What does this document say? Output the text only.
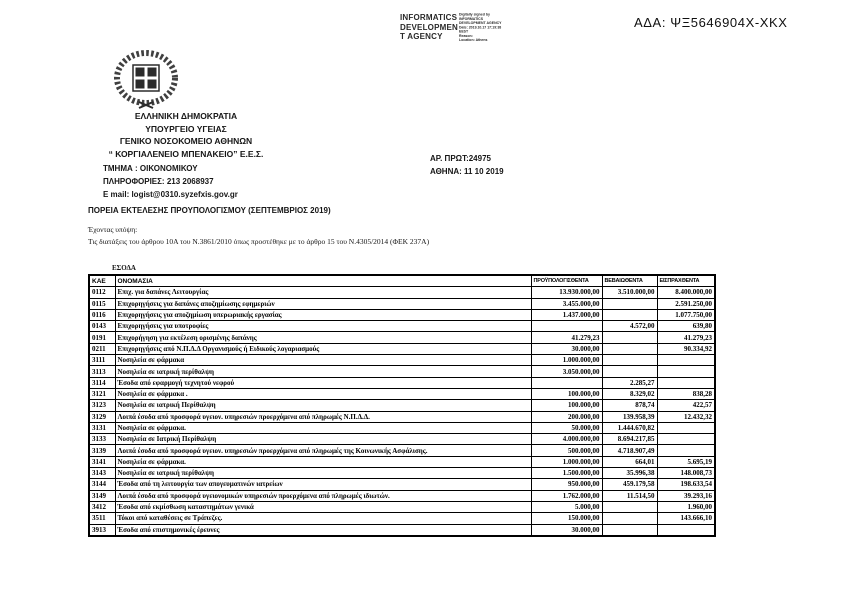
INFORMATICS
DEVELOPMEN
T AGENCY
Digitally signed by
INFORMATICS
DEVELOPMENT AGENCY
Date: 2019.10.17 17:19:38
EEST
Reason:
Location: Athens
ΑΔΑ: ΨΞ5646904Χ-ΧΚΧ
ΕΛΛΗΝΙΚΗ ΔΗΜΟΚΡΑΤΙΑ
ΥΠΟΥΡΓΕΙΟ ΥΓΕΙΑΣ
ΓΕΝΙΚΟ ΝΟΣΟΚΟΜΕΙΟ ΑΘΗΝΩΝ
“ ΚΟΡΓΙΑΛΕΝΕΙΟ ΜΠΕΝΑΚΕΙΟ” Ε.Ε.Σ.	ΑΡ. ΠΡΩΤ:24975
ΑΘΗΝΑ: 11 10 2019
ΤΜΗΜΑ : ΟΙΚΟΝΟΜΙΚΟΥ
ΠΛΗΡΟΦΟΡΙΕΣ: 213 2068937
E mail: logist@0310.syzefxis.gov.gr
ΠΟΡΕΙΑ ΕΚΤΕΛΕΣΗΣ ΠΡΟΥΠΟΛΟΓΙΣΜΟΥ (ΣΕΠΤΕΜΒΡΙΟΣ 2019)
Έχοντας υπόψη:
Τις διατάξεις του άρθρου 10Α του Ν.3861/2010 όπως προστέθηκε με το άρθρο 15 του Ν.4305/2014 (ΦΕΚ 237Α)
ΕΣΟΔΑ
ΚΑΕ	ΟΝΟΜΑΣΙΑ	ΠΡΟΫΠΟΛΟΓΙΣΘΕΝΤΑ	ΒΕΒΑΙΩΘΕΝΤΑ	ΕΙΣΠΡΑΧΘΕΝΤΑ
0112	Επιχ. για δαπάνες Λειτουργίας	13.930.000,00	3.510.000,00	8.400.000,00
0115	Επιχορηγήσεις για δαπάνες αποζημίωσης εφημεριών	3.455.000,00		2.591.250,00
0116	Επιχορηγήσεις για αποζημίωση υπερωριακής εργασίας	1.437.000,00		1.077.750,00
0143	Επιχορηγήσεις για υποτροφίες		4.572,00	639,80
0191	Επιχορήγηση για εκτέλεση ορισμένης δαπάνης	41.279,23		41.279,23
0211	Επιχορηγήσεις από Ν.Π.Δ.Δ Οργανισμούς ή Ειδικούς λογαριασμούς	30.000,00		90.334,92
3111	Νοσηλεία σε φάρμακα	1.000.000,00		
3113	Νοσηλεία σε ιατρική περίθαλψη	3.050.000,00		
3114	Έσοδα από εφαρμογή τεχνητού νεφρού		2.285,27	
3121	Νοσηλεία σε φάρμακα .	100.000,00	8.329,02	838,28
3123	Νοσηλεία σε ιατρική Περίθαλψη	100.000,00	878,74	422,57
3129	Λοιπά έσοδα από προσφορά υγειον. υπηρεσιών προερχόμενα από πληρωμές Ν.Π.Δ.Δ.	200.000,00	139.958,39	12.432,32
3131	Νοσηλεία σε φάρμακα.	50.000,00	1.444.670,82	
3133	Νοσηλεία σε Ιατρική Περίθαλψη	4.000.000,00	8.694.217,85	
3139	Λοιπά έσοδα από προσφορά υγειον. υπηρεσιών προερχόμενα από πληρωμές της Κοινωνικής Ασφάλισης.	500.000,00	4.718.907,49	
3141	Νοσηλεία σε φάρμακα.	1.000.000,00	664,01	5.695,19
3143	Νοσηλεία σε ιατρική περίθαλψη	1.500.000,00	35.996,38	148.008,73
3144	Έσοδα από τη λειτουργία των απογευματινών ιατρείων	950.000,00	459.179,58	198.633,54
3149	Λοιπά έσοδα από προσφορά υγειονομικών υπηρεσιών προερχόμενα από πληρωμές ιδιωτών.	1.762.000,00	11.514,50	39.293,16
3412	Έσοδα από εκμίσθωση καταστημάτων γενικά	5.000,00		1.960,00
3511	Τόκοι από καταθέσεις σε Τράπεζες.	150.000,00		143.666,10
3913	Έσοδα από επιστημονικές έρευνες	30.000,00		
